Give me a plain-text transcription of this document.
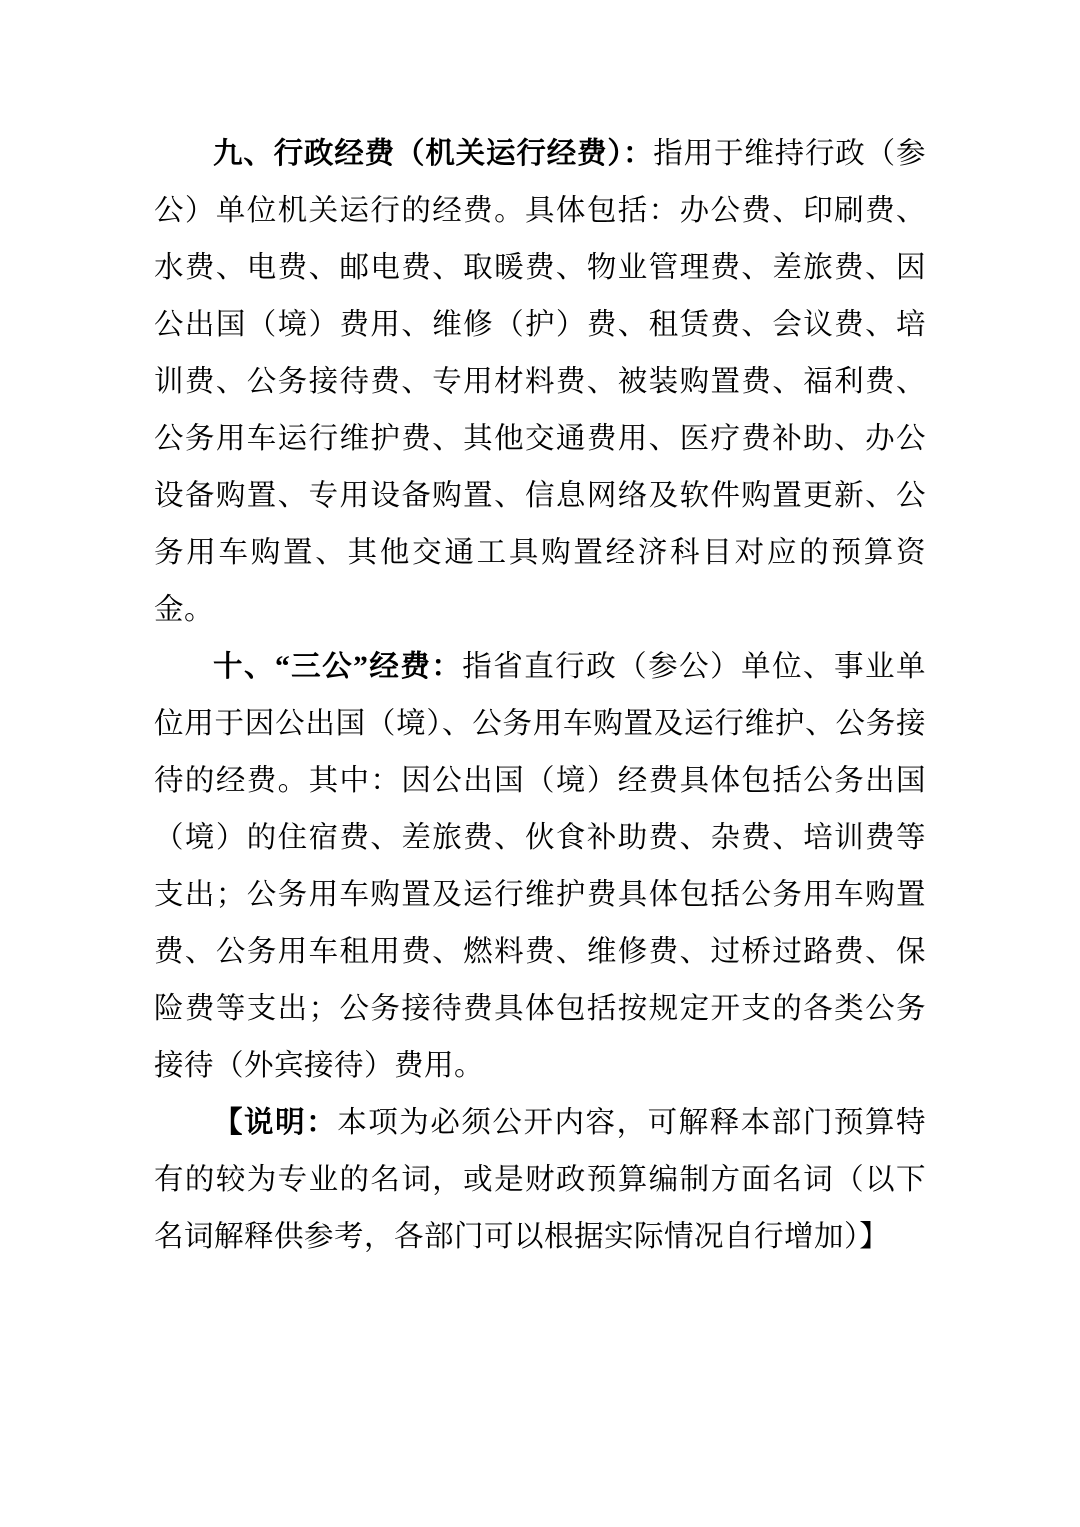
九、行政经费（机关运行经费）：指用于维持行政（参公）单位机关运行的经费。具体包括：办公费、印刷费、水费、电费、邮电费、取暖费、物业管理费、差旅费、因公出国（境）费用、维修（护）费、租赁费、会议费、培训费、公务接待费、专用材料费、被装购置费、福利费、公务用车运行维护费、其他交通费用、医疗费补助、办公设备购置、专用设备购置、信息网络及软件购置更新、公务用车购置、其他交通工具购置经济科目对应的预算资金。

十、“三公”经费：指省直行政（参公）单位、事业单位用于因公出国（境）、公务用车购置及运行维护、公务接待的经费。其中：因公出国（境）经费具体包括公务出国（境）的住宿费、差旅费、伙食补助费、杂费、培训费等支出；公务用车购置及运行维护费具体包括公务用车购置费、公务用车租用费、燃料费、维修费、过桥过路费、保险费等支出；公务接待费具体包括按规定开支的各类公务接待（外宾接待）费用。

【说明：本项为必须公开内容，可解释本部门预算特有的较为专业的名词，或是财政预算编制方面名词（以下名词解释供参考，各部门可以根据实际情况自行增加）】
